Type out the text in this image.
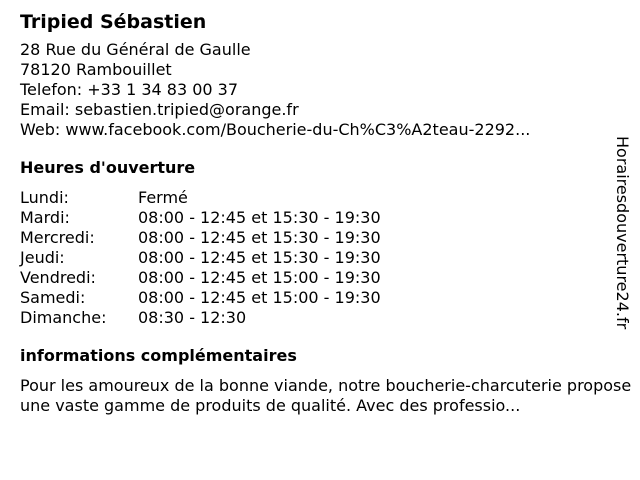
Tripied Sébastien
28 Rue du Général de Gaulle
78120 Rambouillet
Telefon: +33 1 34 83 00 37
Email: sebastien.tripied@orange.fr
Web: www.facebook.com/Boucherie-du-Ch%C3%A2teau-2292...
Heures d'ouverture
Lundi:	Fermé
Mardi:	08:00 - 12:45 et 15:30 - 19:30
Mercredi:	08:00 - 12:45 et 15:30 - 19:30
Jeudi:	08:00 - 12:45 et 15:30 - 19:30
Vendredi:	08:00 - 12:45 et 15:00 - 19:30
Samedi:	08:00 - 12:45 et 15:00 - 19:30
Dimanche:	08:30 - 12:30
informations complémentaires
Pour les amoureux de la bonne viande, notre boucherie-charcuterie propose une vaste gamme de produits de qualité. Avec des professio...
Horairesdouverture24.fr
